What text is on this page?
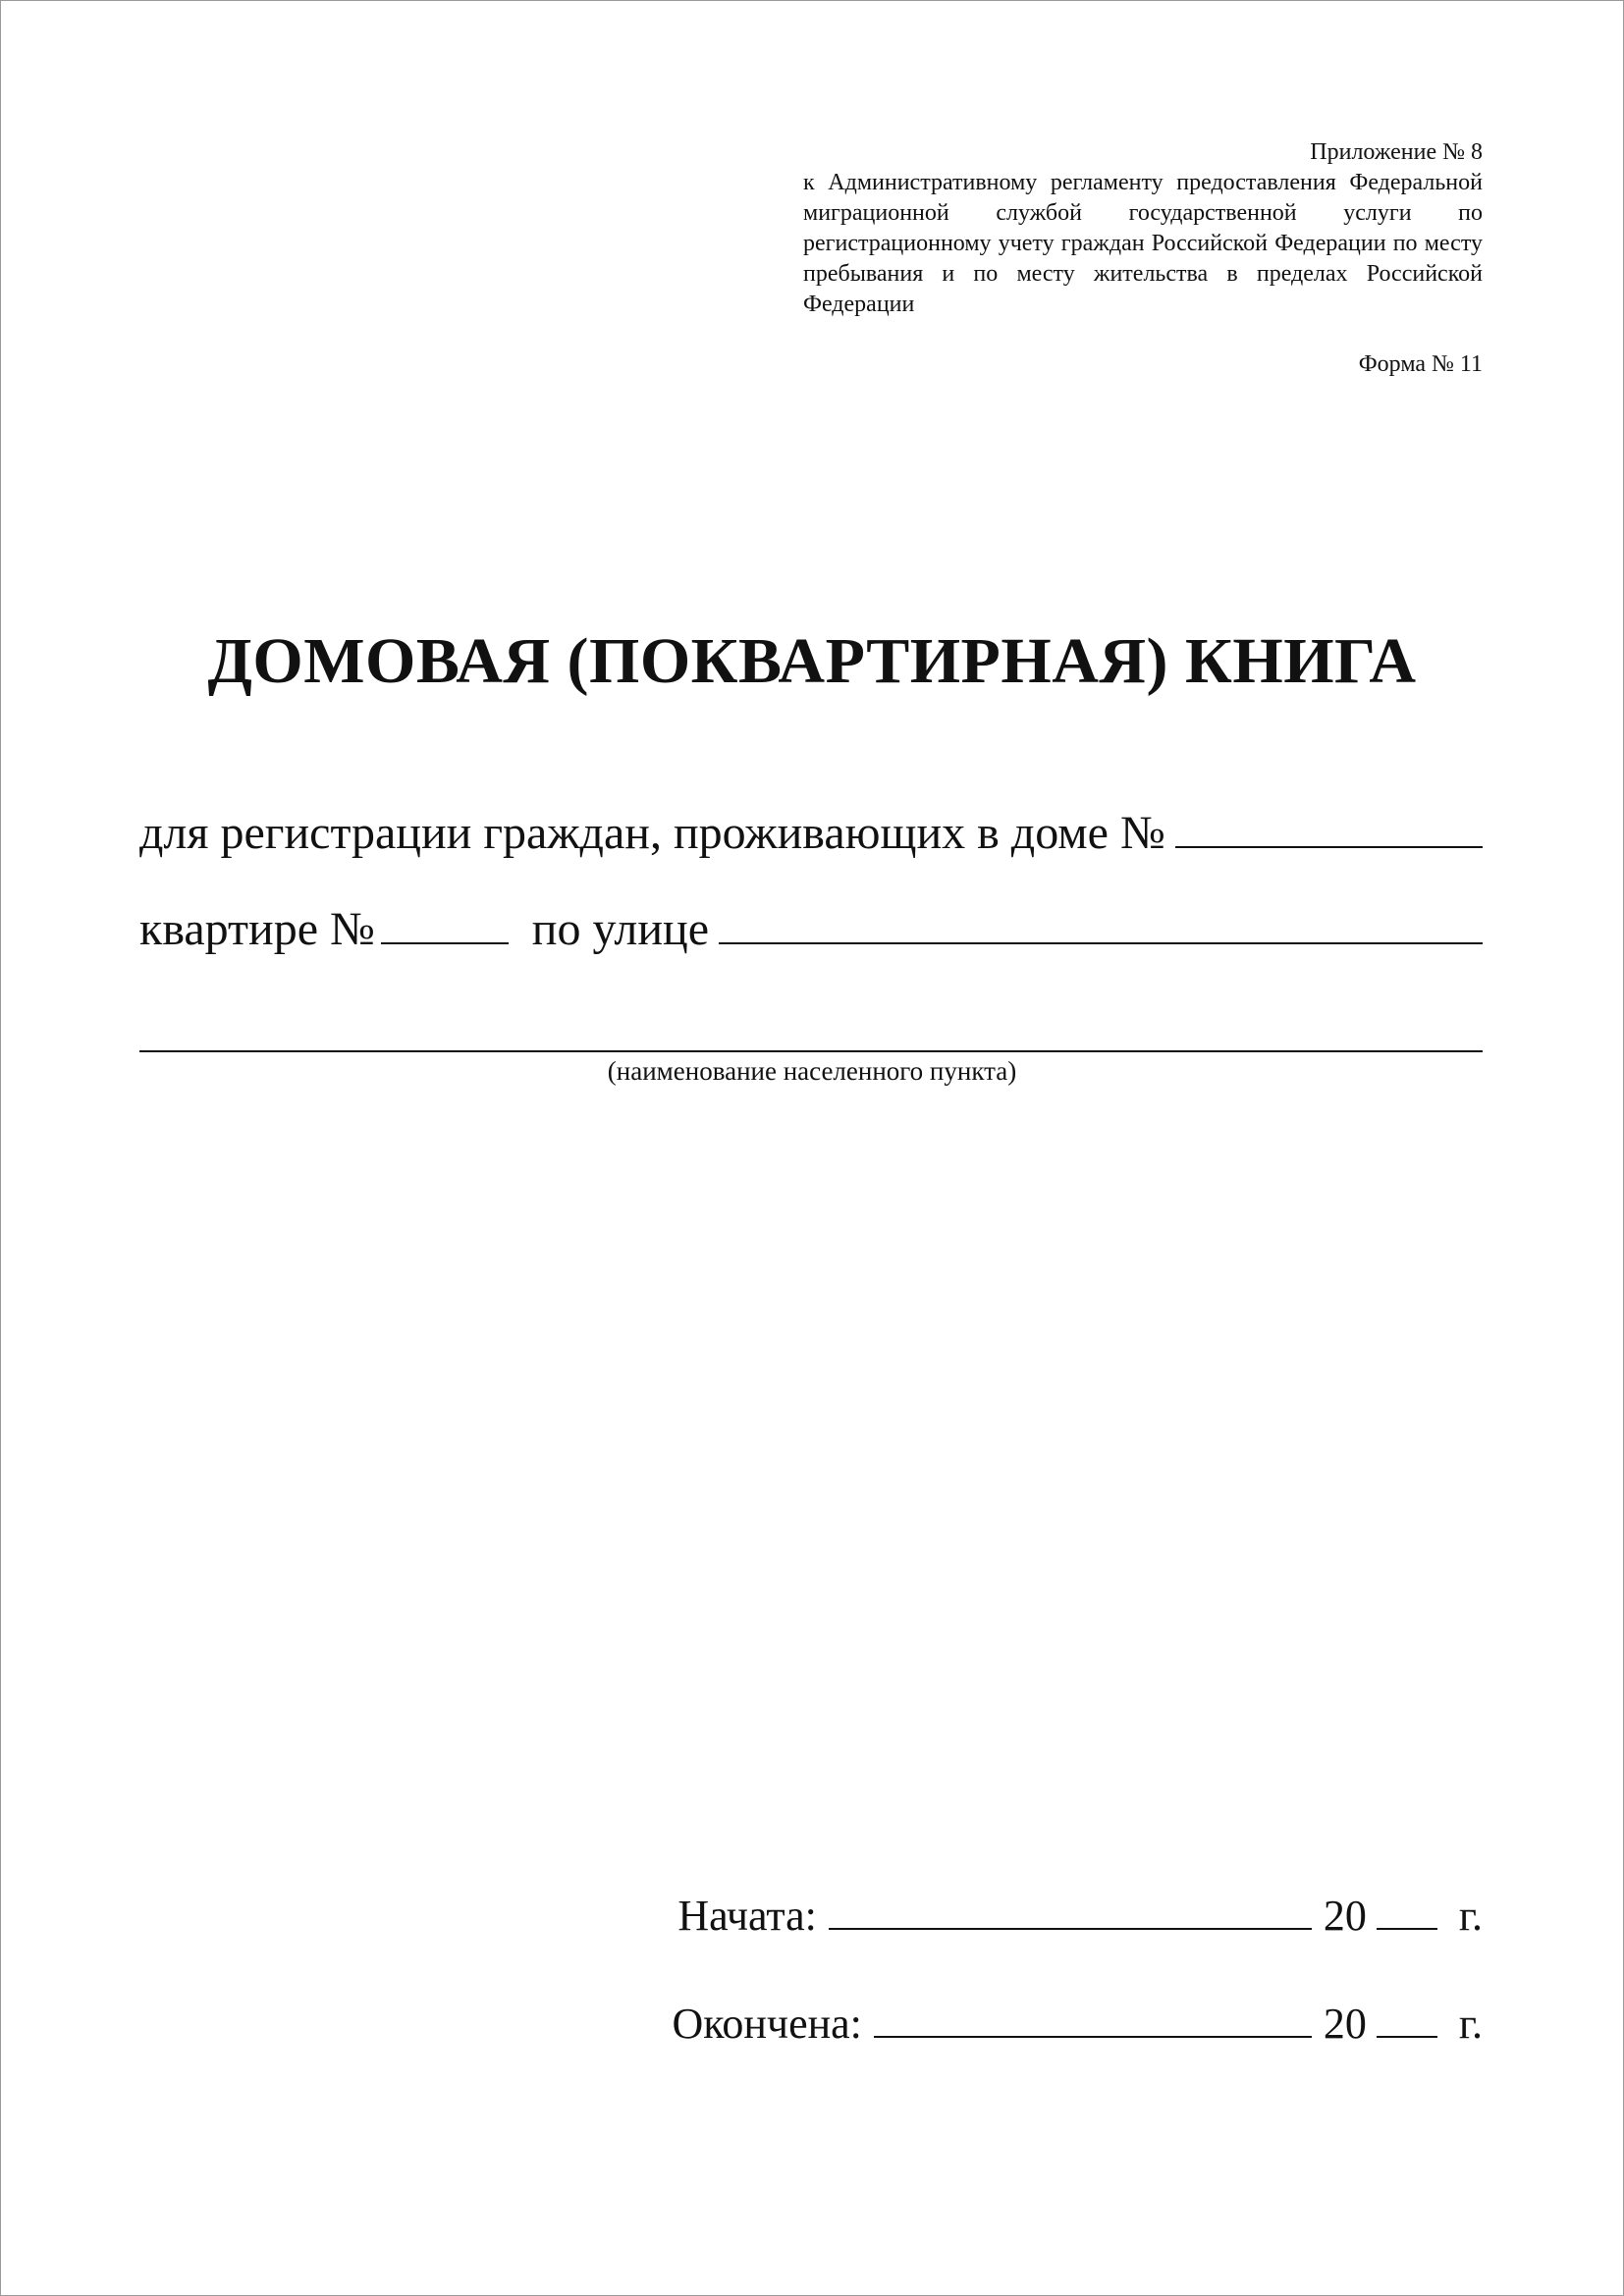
Приложение № 8
к Административному регламенту предоставления Федеральной миграционной службой государственной услуги по регистрационному учету граждан Российской Федерации по месту пребывания и по месту жительства в пределах Российской Федерации
Форма № 11
ДОМОВАЯ (ПОКВАРТИРНАЯ) КНИГА
для регистрации граждан, проживающих в доме №
квартире №	по улице
(наименование населенного пункта)
Начата:	20 г.
Окончена:	20 г.
